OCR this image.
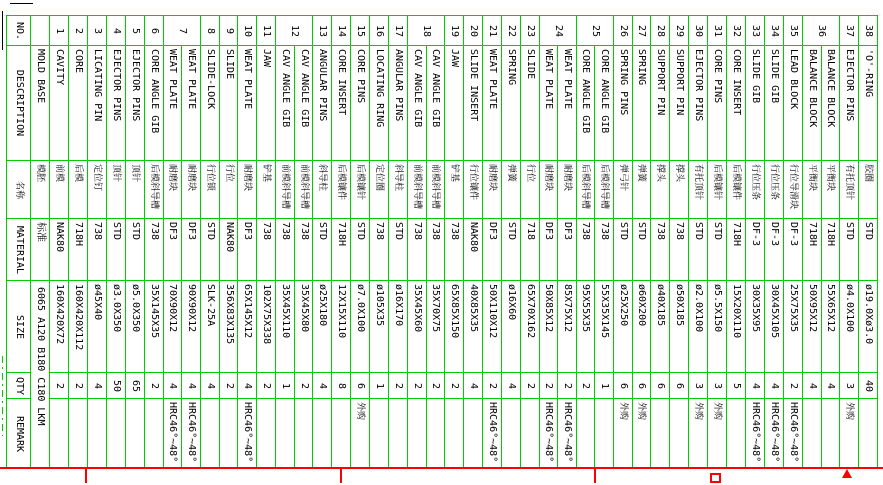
NO.
DESCRIPTION
名称
MATERIAL
SIZE
QTY
REMARK
MOLD BASE
模胚
标准
6065 A120 B180 C180 LKM
1
CAVITY
前模
NAK80
160X420X72
2
2
CORE
后模
718H
160X420X112
2
3
LICATING PIN
定位钉
738
ø45X40
4
4
EJECTOR PINS
顶针
STD
ø3.0X350
50
5
EJECTOR PINS
顶针
STD
ø5.0X350
65
6
CORE ANGLE GIB
后模斜导槽
738
35X145X35
2
7
WEAT PLATE
耐磨块
DF3
70X90X12
4
HRC46°~48°
WEAT PLATE
耐磨块
DF3
90X90X12
4
HRC46°~48°
8
SLIDE-LOCK
行位锁
STD
SLK-25A
4
9
SLIDE
行位
NAK80
356X83X135
2
10
WEAT PLATE
耐磨块
DF3
65X145X12
4
HRC46°~48°
11
JAW
铲基
738
102X75X338
2
12
CAV ANGLE GIB
前模斜导槽
738
35X45X110
1
CAV ANGLE GIB
前模斜导槽
738
35X45X80
2
13
ANGULAR PINS
斜导柱
STD
ø25X180
4
14
CORE INSERT
后模镶件
718H
12X15X110
8
15
CORE PINS
后模镶针
STD
ø7.0X100
6
外购
16
LOCATING RING
定位圈
738
ø105X35
1
17
ANGULAR PINS
斜导柱
STD
ø16X170
2
18
CAV ANGLE GIB
前模斜导槽
738
35X45X60
2
CAV ANGLE GIB
前模斜导槽
738
35X70X75
2
19
JAW
铲基
738
65X85X150
2
20
SLIDE INSERT
行位镶件
NAK80
40X85X35
4
21
WEAT PLATE
耐磨块
DF3
50X110X12
2
HRC46°~48°
22
SPRING
弹簧
STD
ø16X60
4
23
SLIDE
行位
718
65X70X162
2
24
WEAT PLATE
耐磨块
DF3
50X85X12
2
HRC46°~48°
WEAT PLATE
耐磨块
DF3
85X75X12
2
HRC46°~48°
25
CORE ANGLE GIB
后模斜导槽
738
95X55X35
2
CORE ANGLE GIB
后模斜导槽
738
55X35X145
1
26
SPRING PINS
弹弓针
STD
ø25X250
6
外购
27
SPRING
弹簧
STD
ø60X200
6
外购
28
SUPPORT PIN
撑头
738
ø40X185
6
29
SUPPORT PIN
撑头
738
ø50X185
6
30
EJECTOR PINS
有托顶针
STD
ø2.0X100
3
外购
31
CORE PINS
后模镶针
STD
ø5.5X150
3
外购
32
CORE INSERT
后模镶件
718H
15X20X110
5
33
SLIDE GIB
行位压条
DF-3
30X35X95
4
HRC46°~48°
34
SLIDE GIB
行位压条
DF-3
30X45X105
4
HRC46°~48°
35
LEAD BLOCK
行位导滑块
DF-3
25X75X35
2
HRC46°~48°
36
BALANCE BLOCK
平衡块
718H
50X95X12
4
BALANCE BLOCK
平衡块
718H
55X65X12
4
37
EJECTOR PINS
有托顶针
STD
ø4.0X100
3
外购
38
'O'-RING
胶圈
STD
ø19.0Xø3.0
40
